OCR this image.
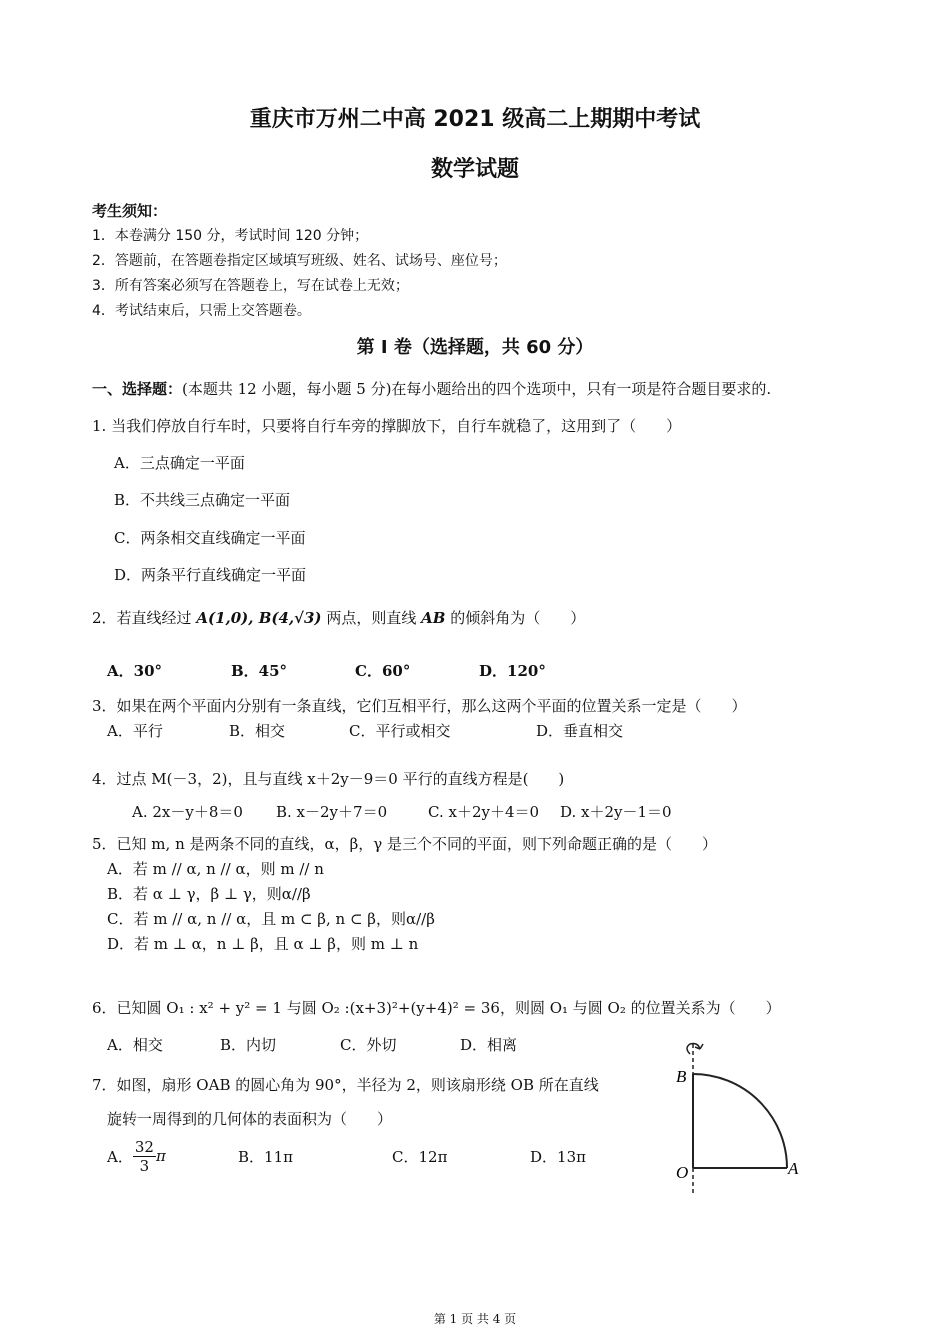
重庆市万州二中高 2021 级高二上期期中考试
数学试题
考生须知：
1．本卷满分 150 分，考试时间 120 分钟；
2．答题前，在答题卷指定区域填写班级、姓名、试场号、座位号；
3．所有答案必须写在答题卷上，写在试卷上无效；
4．考试结束后，只需上交答题卷。
第 I 卷（选择题，共 60 分）
一、选择题：(本题共 12 小题，每小题 5 分)在每小题给出的四个选项中，只有一项是符合题目要求的.
1. 当我们停放自行车时，只要将自行车旁的撑脚放下，自行车就稳了，这用到了（　　）
A．三点确定一平面
B．不共线三点确定一平面
C．两条相交直线确定一平面
D．两条平行直线确定一平面
2．若直线经过 A(1,0), B(4,√3) 两点，则直线 AB 的倾斜角为（　　）
A．30°	B．45°	C．60°	D．120°
3．如果在两个平面内分别有一条直线，它们互相平行，那么这两个平面的位置关系一定是（　　）
A．平行	B．相交	C．平行或相交	D．垂直相交
4．过点 M(－3，2)，且与直线 x＋2y－9＝0 平行的直线方程是(　　)
A. 2x－y＋8＝0 B. x－2y＋7＝0	C. x＋2y＋4＝0 D. x＋2y－1＝0
5．已知 m, n 是两条不同的直线，α，β，γ 是三个不同的平面，则下列命题正确的是（　　）
A．若 m // α, n // α，则 m // n
B．若 α ⊥ γ，β ⊥ γ，则α//β
C．若 m // α, n // α，且 m ⊂ β, n ⊂ β，则α//β
D．若 m ⊥ α，n ⊥ β，且 α ⊥ β，则 m ⊥ n
6．已知圆 O₁ : x² + y² = 1 与圆 O₂ :(x+3)²+(y+4)² = 36，则圆 O₁ 与圆 O₂ 的位置关系为（　　）
A．相交	B．内切	C．外切	D．相离
7．如图，扇形 OAB 的圆心角为 90°，半径为 2，则该扇形绕 OB 所在直线
旋转一周得到的几何体的表面积为（　　）
A． $\frac{32}{3}$ π	B．11π	C．12π	D．13π
B
O	A
第 1 页 共 4 页
